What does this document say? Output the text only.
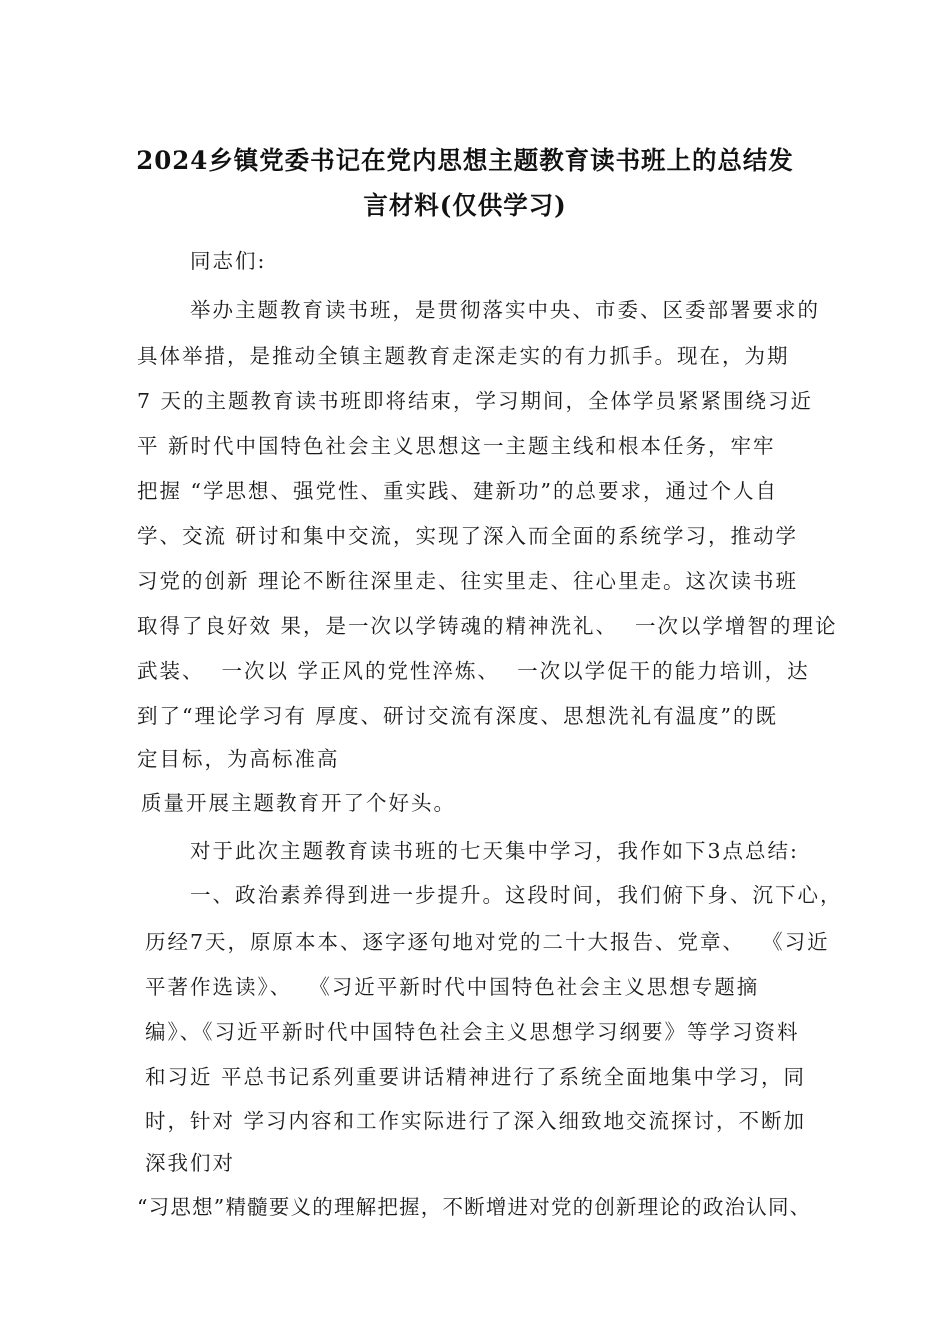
2024乡镇党委书记在党内思想主题教育读书班上的总结发
言材料(仅供学习)
同志们:
举办主题教育读书班，是贯彻落实中央、市委、区委部署要求的
具体举措，是推动全镇主题教育走深走实的有力抓手。现在，为期
7 天的主题教育读书班即将结束，学习期间，全体学员紧紧围绕习近
平 新时代中国特色社会主义思想这一主题主线和根本任务，牢牢
把握 “学思想、强党性、重实践、建新功”的总要求，通过个人自
学、交流 研讨和集中交流，实现了深入而全面的系统学习，推动学
习党的创新 理论不断往深里走、往实里走、往心里走。这次读书班
取得了良好效 果，是一次以学铸魂的精神洗礼、  一次以学增智的理论
武装、  一次以 学正风的党性淬炼、  一次以学促干的能力培训，达
到了“理论学习有 厚度、研讨交流有深度、思想洗礼有温度”的既
定目标，为高标准高
质量开展主题教育开了个好头。
对于此次主题教育读书班的七天集中学习，我作如下3点总结:
一、政治素养得到进一步提升。这段时间，我们俯下身、沉下心，
历经7天，原原本本、逐字逐句地对党的二十大报告、党章、  《习近
平著作选读》、  《习近平新时代中国特色社会主义思想专题摘
编》、《习近平新时代中国特色社会主义思想学习纲要》等学习资料
和习近 平总书记系列重要讲话精神进行了系统全面地集中学习，同
时，针对 学习内容和工作实际进行了深入细致地交流探讨，不断加
深我们对
“习思想”精髓要义的理解把握，不断增进对党的创新理论的政治认同、
